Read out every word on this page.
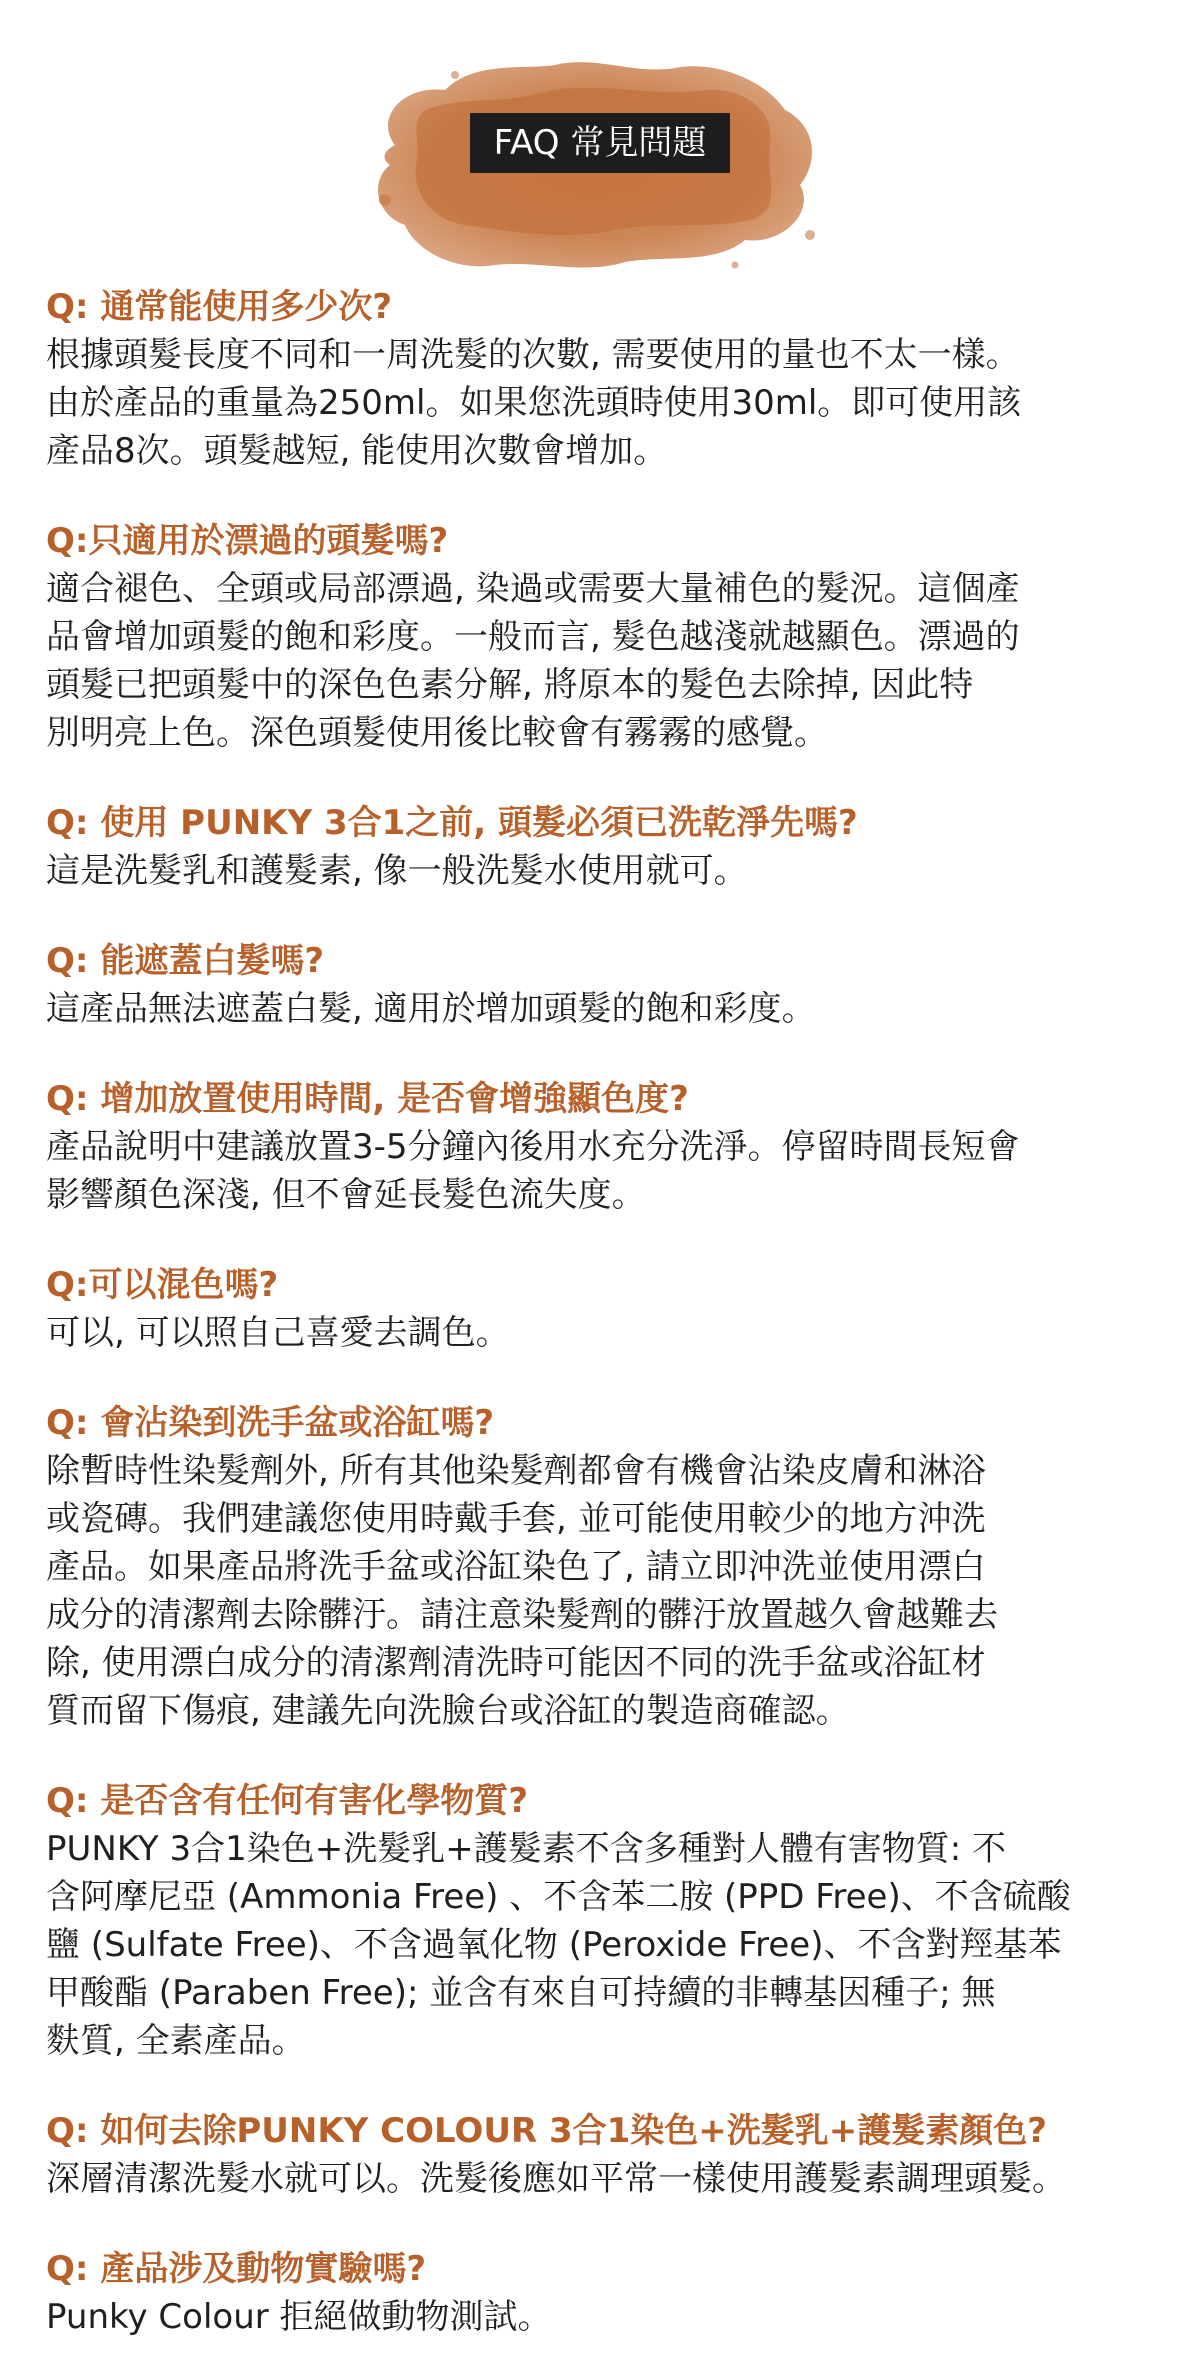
FAQ 常見問題

Q: 通常能使用多少次?

根據頭髮長度不同和一周洗髮的次數, 需要使用的量也不太一樣。
由於產品的重量為250ml。如果您洗頭時使用30ml。即可使用該
產品8次。頭髮越短, 能使用次數會增加。

Q:只適用於漂過的頭髮嗎?

適合褪色、全頭或局部漂過, 染過或需要大量補色的髮況。這個產
品會增加頭髮的飽和彩度。一般而言, 髮色越淺就越顯色。漂過的
頭髮已把頭髮中的深色色素分解, 將原本的髮色去除掉, 因此特
別明亮上色。深色頭髮使用後比較會有霧霧的感覺。

Q: 使用 PUNKY 3合1之前, 頭髮必須已洗乾淨先嗎?

這是洗髮乳和護髮素, 像一般洗髮水使用就可。

Q: 能遮蓋白髮嗎?

這產品無法遮蓋白髮, 適用於增加頭髮的飽和彩度。

Q: 增加放置使用時間, 是否會增強顯色度?

產品說明中建議放置3-5分鐘內後用水充分洗淨。停留時間長短會
影響顏色深淺, 但不會延長髮色流失度。

Q:可以混色嗎?

可以, 可以照自己喜愛去調色。

Q: 會沾染到洗手盆或浴缸嗎?

除暫時性染髮劑外, 所有其他染髮劑都會有機會沾染皮膚和淋浴
或瓷磚。我們建議您使用時戴手套, 並可能使用較少的地方沖洗
產品。如果產品將洗手盆或浴缸染色了, 請立即沖洗並使用漂白
成分的清潔劑去除髒汙。請注意染髮劑的髒汙放置越久會越難去
除, 使用漂白成分的清潔劑清洗時可能因不同的洗手盆或浴缸材
質而留下傷痕, 建議先向洗臉台或浴缸的製造商確認。

Q: 是否含有任何有害化學物質?

PUNKY 3合1染色+洗髮乳+護髮素不含多種對人體有害物質: 不
含阿摩尼亞 (Ammonia Free) 、不含苯二胺 (PPD Free)、不含硫酸
鹽 (Sulfate Free)、不含過氧化物 (Peroxide Free)、不含對羥基苯
甲酸酯 (Paraben Free); 並含有來自可持續的非轉基因種子; 無
麩質, 全素產品。

Q: 如何去除PUNKY COLOUR 3合1染色+洗髮乳+護髮素顏色?

深層清潔洗髮水就可以。洗髮後應如平常一樣使用護髮素調理頭髮。

Q: 產品涉及動物實驗嗎?

Punky Colour 拒絕做動物測試。
